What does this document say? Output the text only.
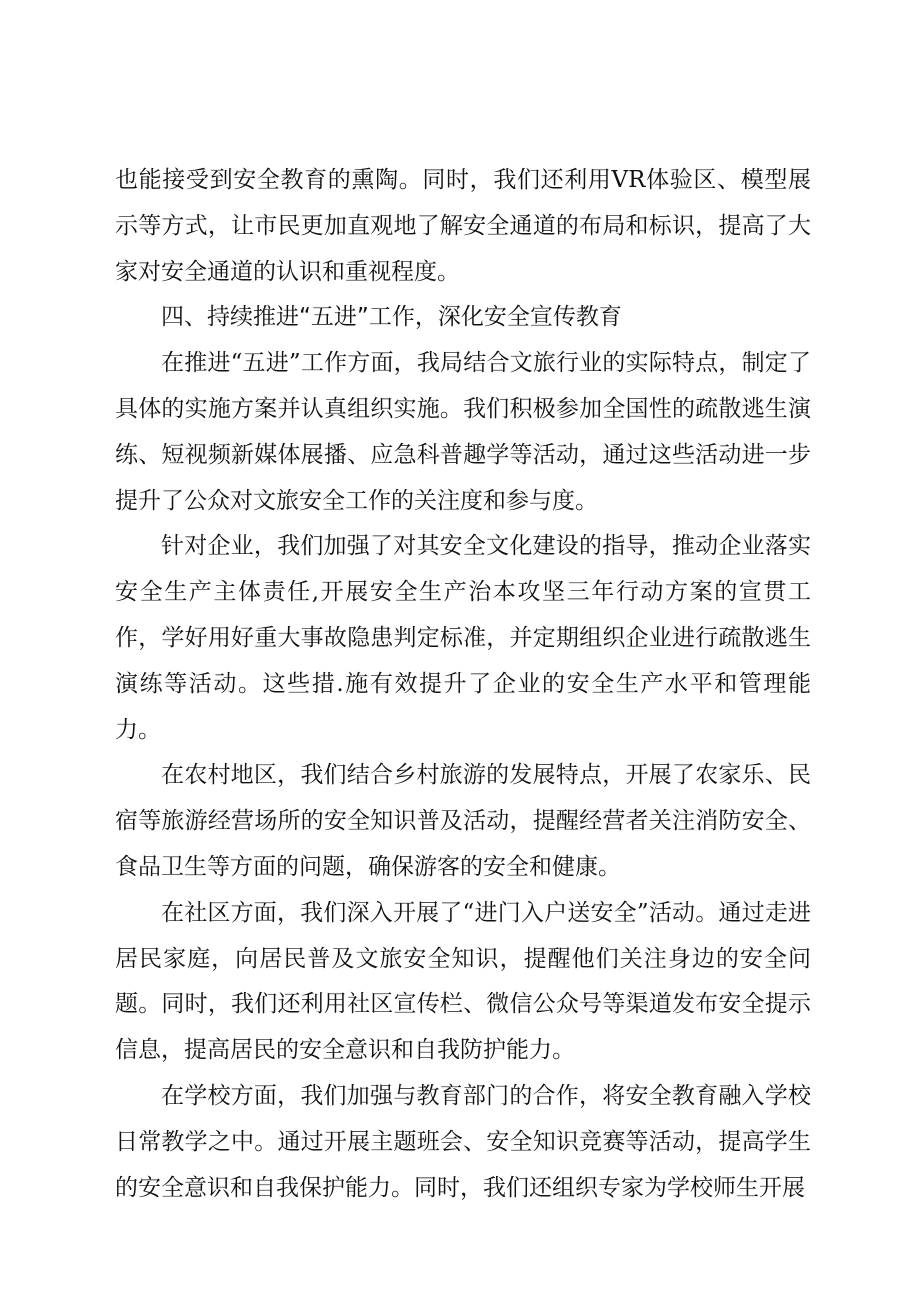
也能接受到安全教育的熏陶。同时，我们还利用VR体验区、模型展示等方式，让市民更加直观地了解安全通道的布局和标识，提高了大家对安全通道的认识和重视程度。

四、持续推进“五进”工作，深化安全宣传教育

在推进“五进”工作方面，我局结合文旅行业的实际特点，制定了具体的实施方案并认真组织实施。我们积极参加全国性的疏散逃生演练、短视频新媒体展播、应急科普趣学等活动，通过这些活动进一步提升了公众对文旅安全工作的关注度和参与度。

针对企业，我们加强了对其安全文化建设的指导，推动企业落实安全生产主体责任,开展安全生产治本攻坚三年行动方案的宣贯工作，学好用好重大事故隐患判定标准，并定期组织企业进行疏散逃生演练等活动。这些措.施有效提升了企业的安全生产水平和管理能力。

在农村地区，我们结合乡村旅游的发展特点，开展了农家乐、民宿等旅游经营场所的安全知识普及活动，提醒经营者关注消防安全、食品卫生等方面的问题，确保游客的安全和健康。

在社区方面，我们深入开展了“进门入户送安全”活动。通过走进居民家庭，向居民普及文旅安全知识，提醒他们关注身边的安全问题。同时，我们还利用社区宣传栏、微信公众号等渠道发布安全提示信息，提高居民的安全意识和自我防护能力。

在学校方面，我们加强与教育部门的合作，将安全教育融入学校日常教学之中。通过开展主题班会、安全知识竞赛等活动，提高学生的安全意识和自我保护能力。同时，我们还组织专家为学校师生开展
